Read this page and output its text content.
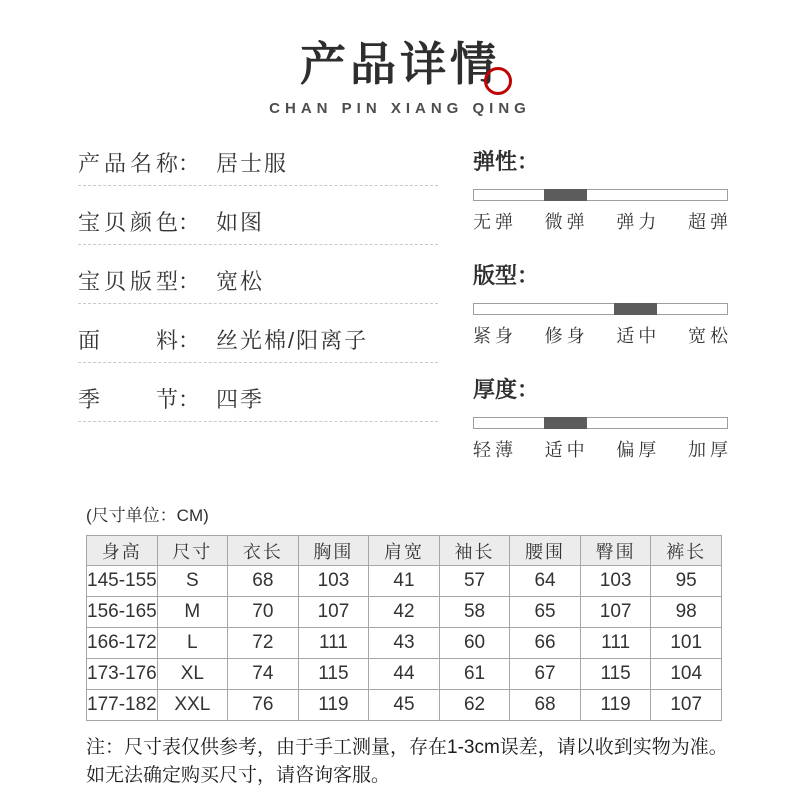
产品详情
CHAN PIN XIANG QING
产 品 名 称 ： 居士服
宝 贝 颜 色 ： 如图
宝 贝 版 型 ： 宽松
面	料 ： 丝光棉/阳离子
季	节 ： 四季
弹性：
无弹 微弹 弹力 超弹
版型：
紧身 修身 适中 宽松
厚度：
轻薄 适中 偏厚 加厚
(尺寸单位：CM)
身高	尺寸	衣长	胸围	肩宽	袖长	腰围	臀围	裤长
145-155	S	68	103	41	57	64	103	95
156-165	M	70	107	42	58	65	107	98
166-172	L	72	111	43	60	66	111	101
173-176	XL	74	115	44	61	67	115	104
177-182	XXL	76	119	45	62	68	119	107
注：尺寸表仅供参考，由于手工测量，存在1-3cm误差，请以收到实物为准。
如无法确定购买尺寸，请咨询客服。
